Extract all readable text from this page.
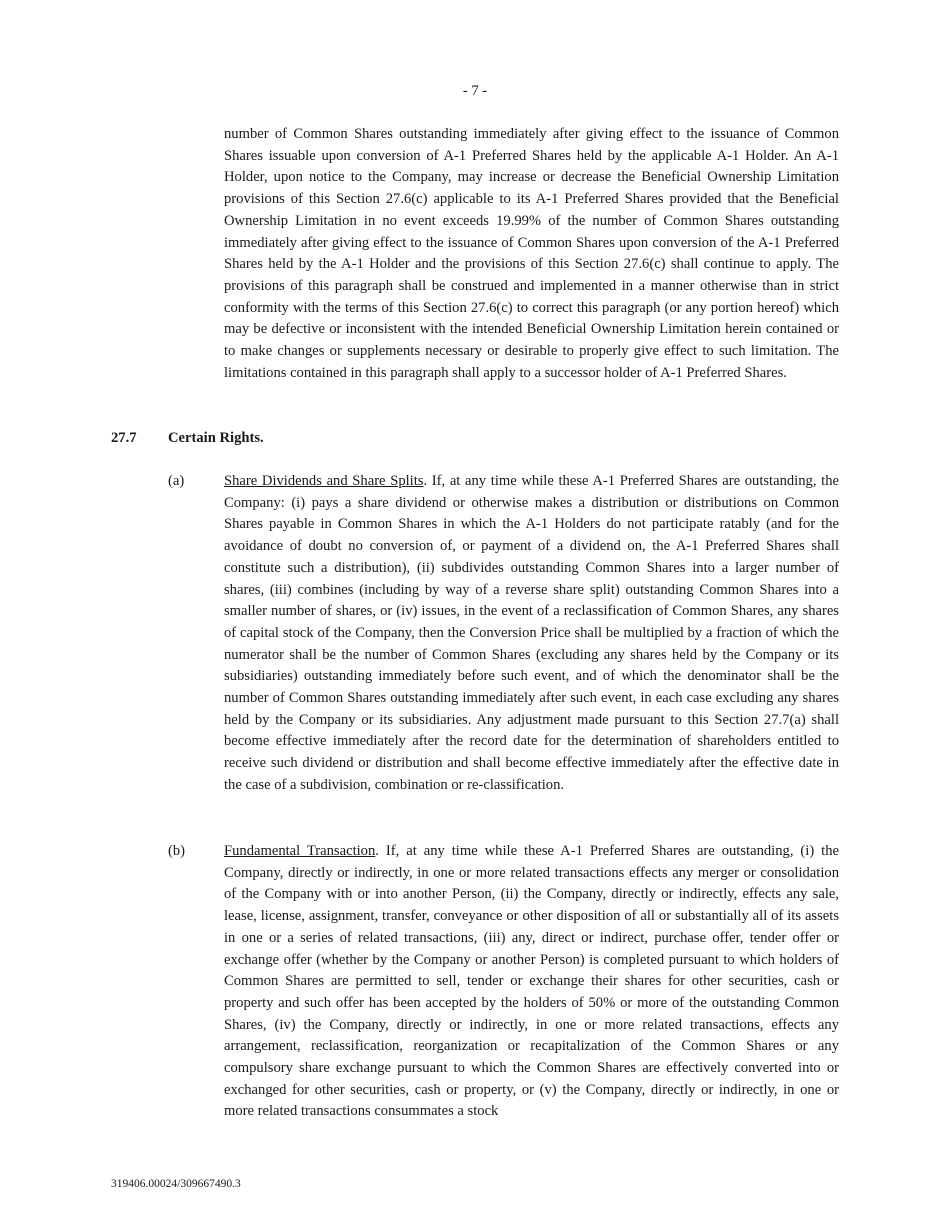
- 7 -

number of Common Shares outstanding immediately after giving effect to the issuance of Common Shares issuable upon conversion of A-1 Preferred Shares held by the applicable A-1 Holder. An A-1 Holder, upon notice to the Company, may increase or decrease the Beneficial Ownership Limitation provisions of this Section 27.6(c) applicable to its A-1 Preferred Shares provided that the Beneficial Ownership Limitation in no event exceeds 19.99% of the number of Common Shares outstanding immediately after giving effect to the issuance of Common Shares upon conversion of the A-1 Preferred Shares held by the A-1 Holder and the provisions of this Section 27.6(c) shall continue to apply. The provisions of this paragraph shall be construed and implemented in a manner otherwise than in strict conformity with the terms of this Section 27.6(c) to correct this paragraph (or any portion hereof) which may be defective or inconsistent with the intended Beneficial Ownership Limitation herein contained or to make changes or supplements necessary or desirable to properly give effect to such limitation. The limitations contained in this paragraph shall apply to a successor holder of A-1 Preferred Shares.

27.7 Certain Rights.
(a)	Share Dividends and Share Splits. If, at any time while these A-1 Preferred Shares are outstanding, the Company: (i) pays a share dividend or otherwise makes a distribution or distributions on Common Shares payable in Common Shares in which the A-1 Holders do not participate ratably (and for the avoidance of doubt no conversion of, or payment of a dividend on, the A-1 Preferred Shares shall constitute such a distribution), (ii) subdivides outstanding Common Shares into a larger number of shares, (iii) combines (including by way of a reverse share split) outstanding Common Shares into a smaller number of shares, or (iv) issues, in the event of a reclassification of Common Shares, any shares of capital stock of the Company, then the Conversion Price shall be multiplied by a fraction of which the numerator shall be the number of Common Shares (excluding any shares held by the Company or its subsidiaries) outstanding immediately before such event, and of which the denominator shall be the number of Common Shares outstanding immediately after such event, in each case excluding any shares held by the Company or its subsidiaries. Any adjustment made pursuant to this Section 27.7(a) shall become effective immediately after the record date for the determination of shareholders entitled to receive such dividend or distribution and shall become effective immediately after the effective date in the case of a subdivision, combination or re-classification.

(b)	Fundamental Transaction. If, at any time while these A-1 Preferred Shares are outstanding, (i) the Company, directly or indirectly, in one or more related transactions effects any merger or consolidation of the Company with or into another Person, (ii) the Company, directly or indirectly, effects any sale, lease, license, assignment, transfer, conveyance or other disposition of all or substantially all of its assets in one or a series of related transactions, (iii) any, direct or indirect, purchase offer, tender offer or exchange offer (whether by the Company or another Person) is completed pursuant to which holders of Common Shares are permitted to sell, tender or exchange their shares for other securities, cash or property and such offer has been accepted by the holders of 50% or more of the outstanding Common Shares, (iv) the Company, directly or indirectly, in one or more related transactions, effects any arrangement, reclassification, reorganization or recapitalization of the Common Shares or any compulsory share exchange pursuant to which the Common Shares are effectively converted into or exchanged for other securities, cash or property, or (v) the Company, directly or indirectly, in one or more related transactions consummates a stock

319406.00024/309667490.3
